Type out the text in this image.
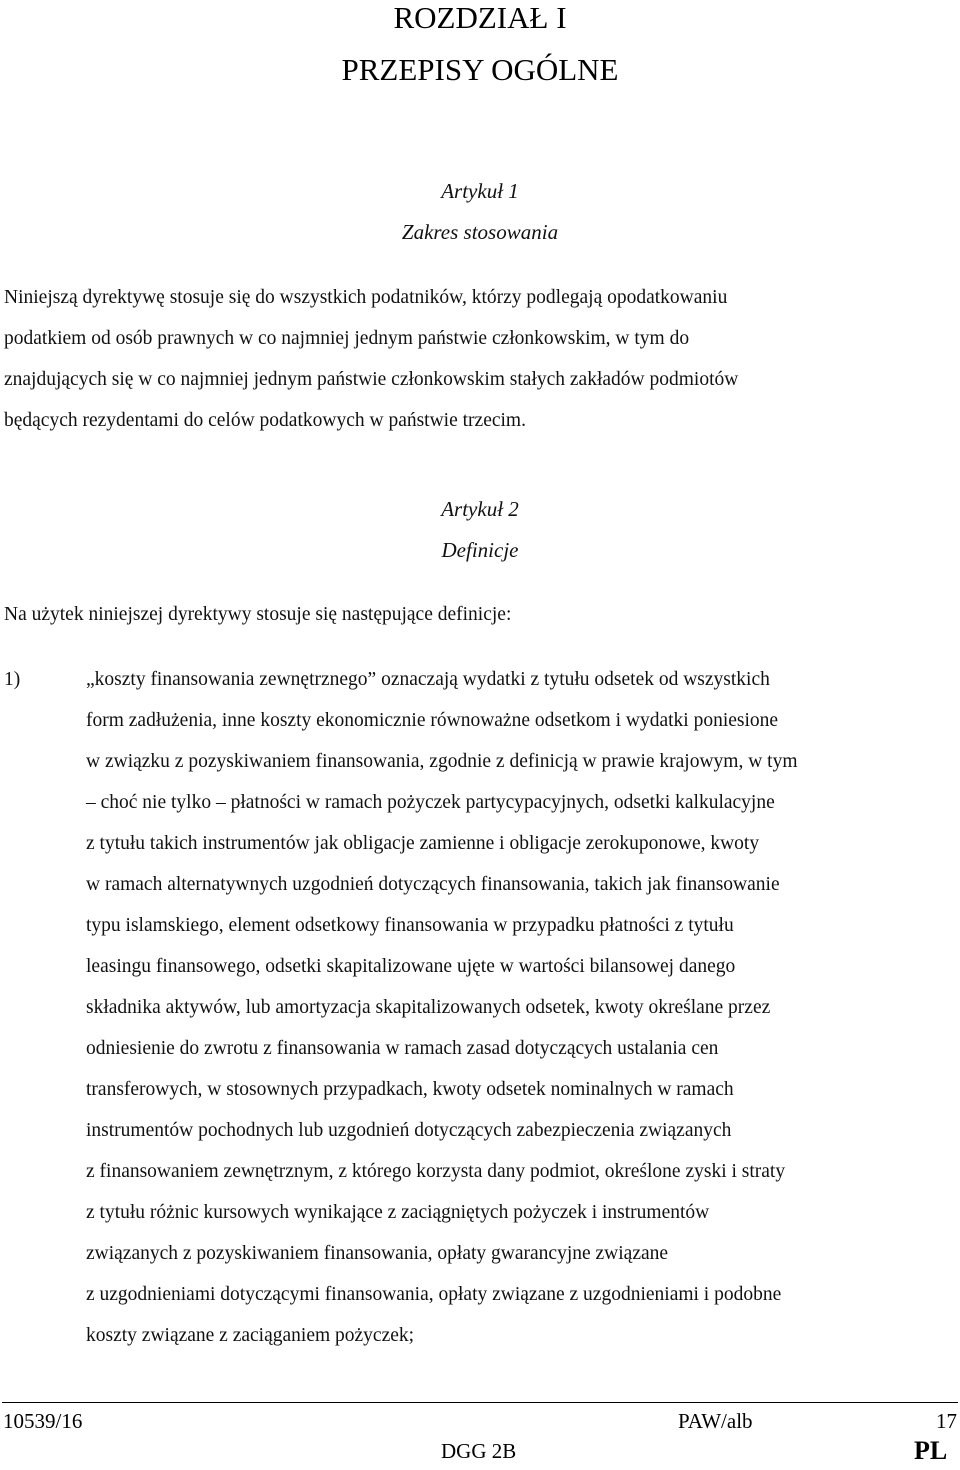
ROZDZIAŁ I
PRZEPISY OGÓLNE
Artykuł 1
Zakres stosowania
Niniejszą dyrektywę stosuje się do wszystkich podatników, którzy podlegają opodatkowaniu
podatkiem od osób prawnych w co najmniej jednym państwie członkowskim, w tym do
znajdujących się w co najmniej jednym państwie członkowskim stałych zakładów podmiotów
będących rezydentami do celów podatkowych w państwie trzecim.
Artykuł 2
Definicje
Na użytek niniejszej dyrektywy stosuje się następujące definicje:
1)	„koszty finansowania zewnętrznego” oznaczają wydatki z tytułu odsetek od wszystkich
form zadłużenia, inne koszty ekonomicznie równoważne odsetkom i wydatki poniesione
w związku z pozyskiwaniem finansowania, zgodnie z definicją w prawie krajowym, w tym
– choć nie tylko – płatności w ramach pożyczek partycypacyjnych, odsetki kalkulacyjne
z tytułu takich instrumentów jak obligacje zamienne i obligacje zerokuponowe, kwoty
w ramach alternatywnych uzgodnień dotyczących finansowania, takich jak finansowanie
typu islamskiego, element odsetkowy finansowania w przypadku płatności z tytułu
leasingu finansowego, odsetki skapitalizowane ujęte w wartości bilansowej danego
składnika aktywów, lub amortyzacja skapitalizowanych odsetek, kwoty określane przez
odniesienie do zwrotu z finansowania w ramach zasad dotyczących ustalania cen
transferowych, w stosownych przypadkach, kwoty odsetek nominalnych w ramach
instrumentów pochodnych lub uzgodnień dotyczących zabezpieczenia związanych
z finansowaniem zewnętrznym, z którego korzysta dany podmiot, określone zyski i straty
z tytułu różnic kursowych wynikające z zaciągniętych pożyczek i instrumentów
związanych z pozyskiwaniem finansowania, opłaty gwarancyjne związane
z uzgodnieniami dotyczącymi finansowania, opłaty związane z uzgodnieniami i podobne
koszty związane z zaciąganiem pożyczek;
10539/16	PAW/alb	17
DGG 2B	PL
